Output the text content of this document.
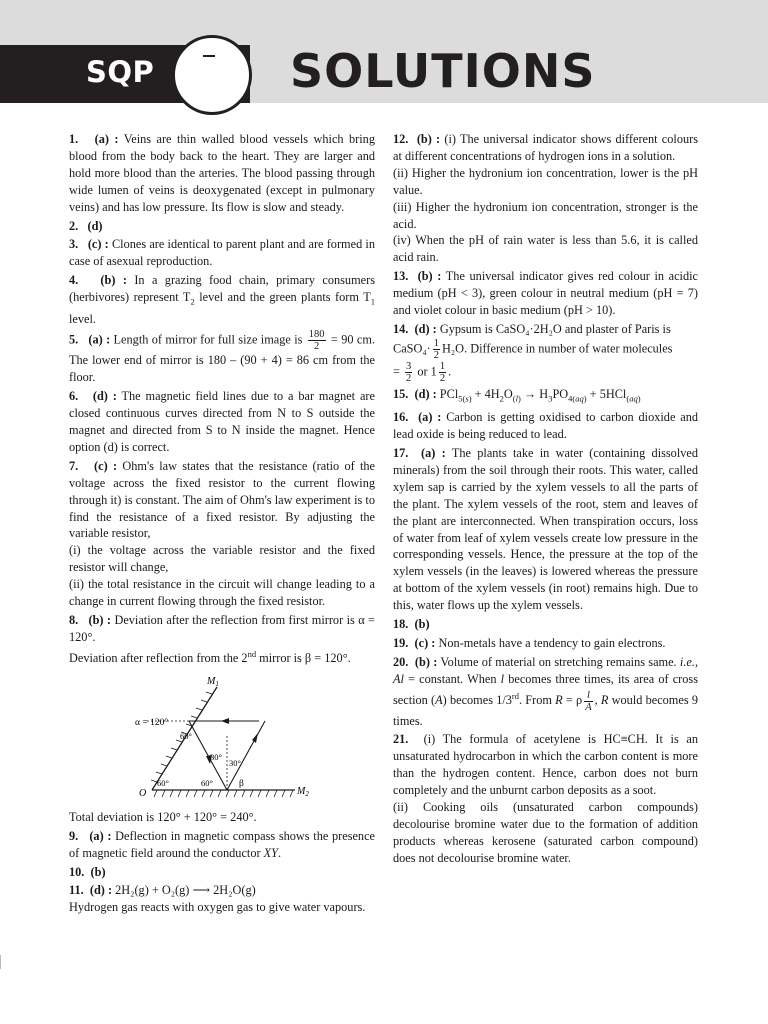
SQP	SOLUTIONS

1. (a) : Veins are thin walled blood vessels which bring blood from the body back to the heart. They are larger and hold more blood than the arteries. The blood passing through wide lumen of veins is deoxygenated (except in pulmonary veins) and has low pressure. Its flow is slow and steady.

2. (d)

3. (c) : Clones are identical to parent plant and are formed in case of asexual reproduction.

4. (b) : In a grazing food chain, primary consumers (herbivores) represent $T_2$ level and the green plants form $T_1$ level.

5. (a) : Length of mirror for full size image is $\frac{180}{2} = 90$ cm. The lower end of mirror is 180 – (90 + 4) = 86 cm from the floor.

6. (d) : The magnetic field lines due to a bar magnet are closed continuous curves directed from N to S outside the magnet and directed from S to N inside the magnet. Hence option (d) is correct.

7. (c) : Ohm's law states that the resistance (ratio of the voltage across the fixed resistor to the current flowing through it) is constant. The aim of Ohm's law experiment is to find the resistance of a fixed resistor. By adjusting the variable resistor,
(i) the voltage across the variable resistor and the fixed resistor will change,
(ii) the total resistance in the circuit will change leading to a change in current flowing through the fixed resistor.

8. (b) : Deviation after the reflection from first mirror is α = 120°.
Deviation after reflection from the 2nd mirror is β = 120°.

$M_1$
$M_2$
O
α = 120°
60°
30°
30°
60°	60°	β

Total deviation is 120° + 120° = 240°.

9. (a) : Deflection in magnetic compass shows the presence of magnetic field around the conductor XY.

10. (b)

11. (d) : 2H₂(g) + O₂(g) ⟶ 2H₂O(g)
Hydrogen gas reacts with oxygen gas to give water vapours.

12. (b) : (i) The universal indicator shows different colours at different concentrations of hydrogen ions in a solution.
(ii) Higher the hydronium ion concentration, lower is the pH value.
(iii) Higher the hydronium ion concentration, stronger is the acid.
(iv) When the pH of rain water is less than 5.6, it is called acid rain.

13. (b) : The universal indicator gives red colour in acidic medium (pH < 3), green colour in neutral medium (pH = 7) and violet colour in basic medium (pH > 10).

14. (d) : Gypsum is CaSO₄·2H₂O and plaster of Paris is
CaSO₄· $\frac{1}{2} H_2O$. Difference in number of water molecules
= $\frac{3}{2}$ or $1 \frac{1}{2}$ .

15. (d) : $PCl_{5(s)} + 4H_2O_{(l)} \to H_3PO_{4(aq)} + 5HCl_{(aq)}$

16. (a) : Carbon is getting oxidised to carbon dioxide and lead oxide is being reduced to lead.

17. (a) : The plants take in water (containing dissolved minerals) from the soil through their roots. This water, called xylem sap is carried by the xylem vessels to all the parts of the plant. The xylem vessels of the root, stem and leaves of the plant are interconnected. When transpiration occurs, loss of water from leaf of xylem vessels create low pressure in the corresponding vessels. Hence, the pressure at the top of the xylem vessels (in the leaves) is lowered whereas the pressure at bottom of the xylem vessels (in root) remains high. Due to this, water flows up the xylem vessels.

18. (b)

19. (c) : Non-metals have a tendency to gain electrons.

20. (b) : Volume of material on stretching remains same. i.e., Al = constant. When l becomes three times, its area of cross section (A) becomes 1/3rd. From R = ρ $\frac{l}{A}$ , R would becomes 9 times.

21. (i) The formula of acetylene is HC≡CH. It is an unsaturated hydrocarbon in which the carbon content is more than the hydrogen content. Hence, carbon does not burn completely and the unburnt carbon deposits as a soot.
(ii) Cooking oils (unsaturated carbon compounds) decolourise bromine water due to the formation of addition products whereas kerosene (saturated carbon compound) does not decolourise bromine water.
